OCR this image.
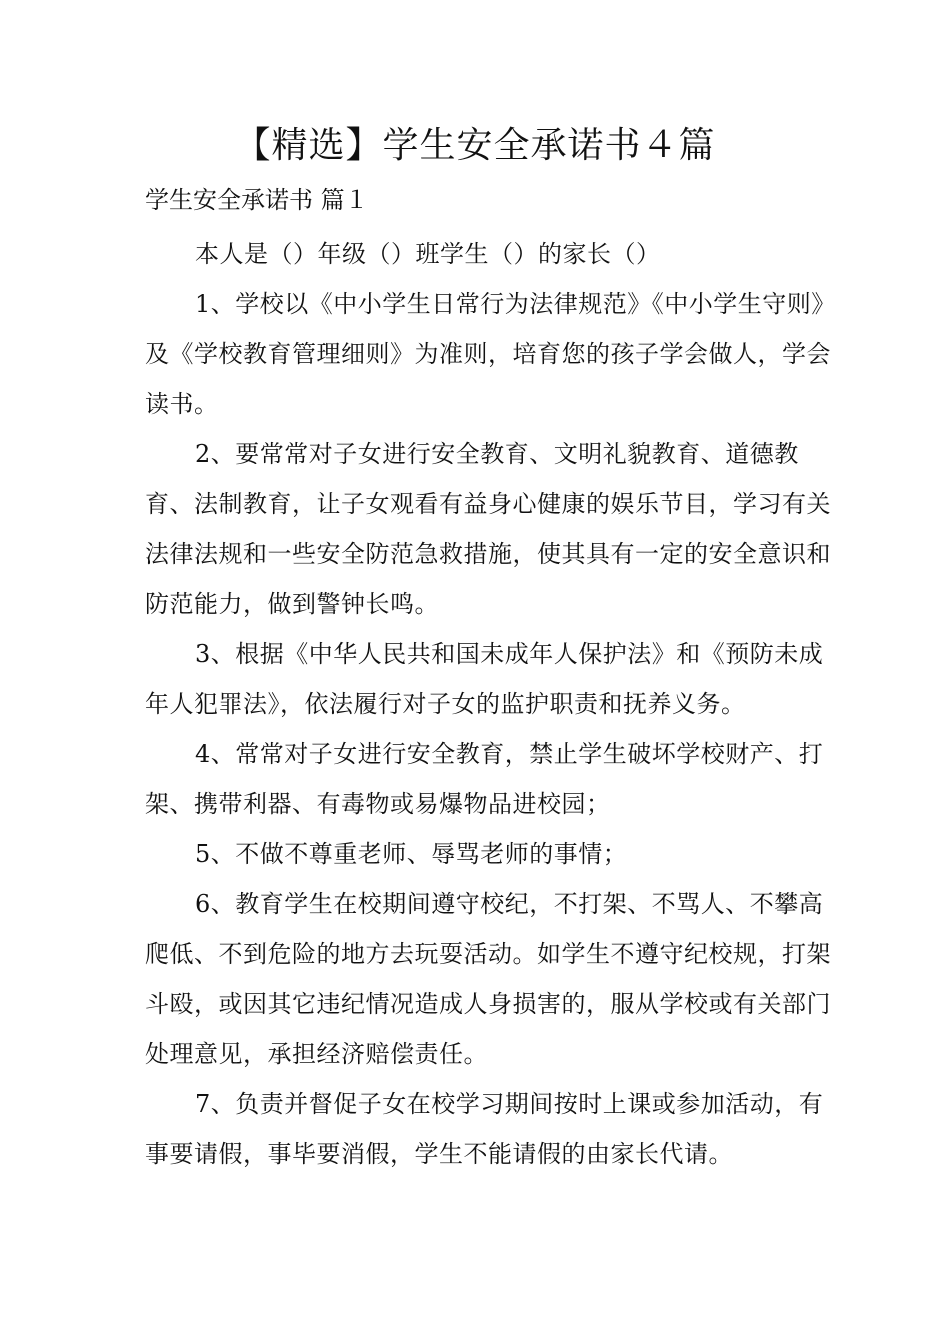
【精选】学生安全承诺书４篇
学生安全承诺书 篇１

本人是（）年级（）班学生（）的家长（）

1、学校以《中小学生日常行为法律规范》《中小学生守则》及《学校教育管理细则》为准则，培育您的孩子学会做人，学会读书。

2、要常常对子女进行安全教育、文明礼貌教育、道德教育、法制教育，让子女观看有益身心健康的娱乐节目，学习有关法律法规和一些安全防范急救措施，使其具有一定的安全意识和防范能力，做到警钟长鸣。

3、根据《中华人民共和国未成年人保护法》和《预防未成年人犯罪法》，依法履行对子女的监护职责和抚养义务。

4、常常对子女进行安全教育，禁止学生破坏学校财产、打架、携带利器、有毒物或易爆物品进校园；

5、不做不尊重老师、辱骂老师的事情；

6、教育学生在校期间遵守校纪，不打架、不骂人、不攀高爬低、不到危险的地方去玩耍活动。如学生不遵守纪校规，打架斗殴，或因其它违纪情况造成人身损害的，服从学校或有关部门处理意见，承担经济赔偿责任。

7、负责并督促子女在校学习期间按时上课或参加活动，有事要请假，事毕要消假，学生不能请假的由家长代请。
